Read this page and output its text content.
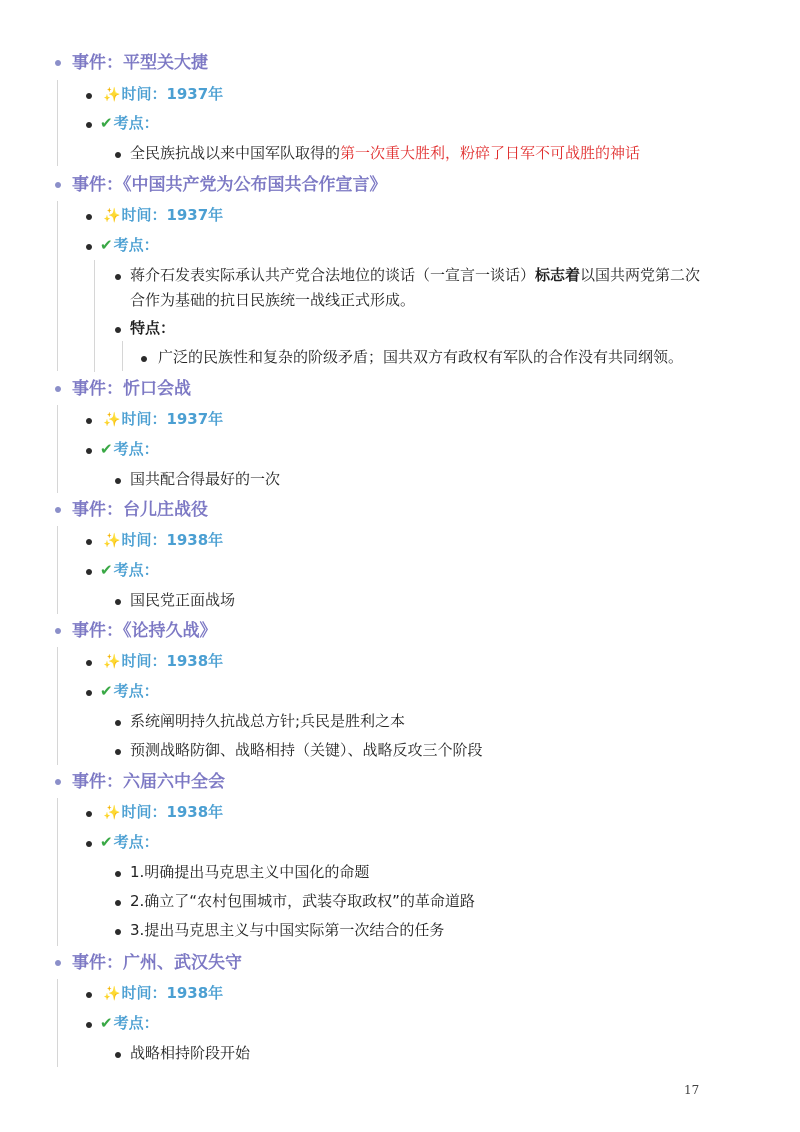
事件：平型关大捷
✨时间：1937年
✔考点：
全民族抗战以来中国军队取得的第一次重大胜利，粉碎了日军不可战胜的神话
事件：《中国共产党为公布国共合作宣言》
✨时间：1937年
✔考点：
蒋介石发表实际承认共产党合法地位的谈话（一宣言一谈话）标志着以国共两党第二次
合作为基础的抗日民族统一战线正式形成。
特点：
广泛的民族性和复杂的阶级矛盾；国共双方有政权有军队的合作没有共同纲领。
事件：忻口会战
✨时间：1937年
✔考点：
国共配合得最好的一次
事件：台儿庄战役
✨时间：1938年
✔考点：
国民党正面战场
事件：《论持久战》
✨时间：1938年
✔考点：
系统阐明持久抗战总方针;兵民是胜利之本
预测战略防御、战略相持（关键）、战略反攻三个阶段
事件：六届六中全会
✨时间：1938年
✔考点：
1.明确提出马克思主义中国化的命题
2.确立了“农村包围城市，武装夺取政权”的革命道路
3.提出马克思主义与中国实际第一次结合的任务
事件：广州、武汉失守
✨时间：1938年
✔考点：
战略相持阶段开始
17
